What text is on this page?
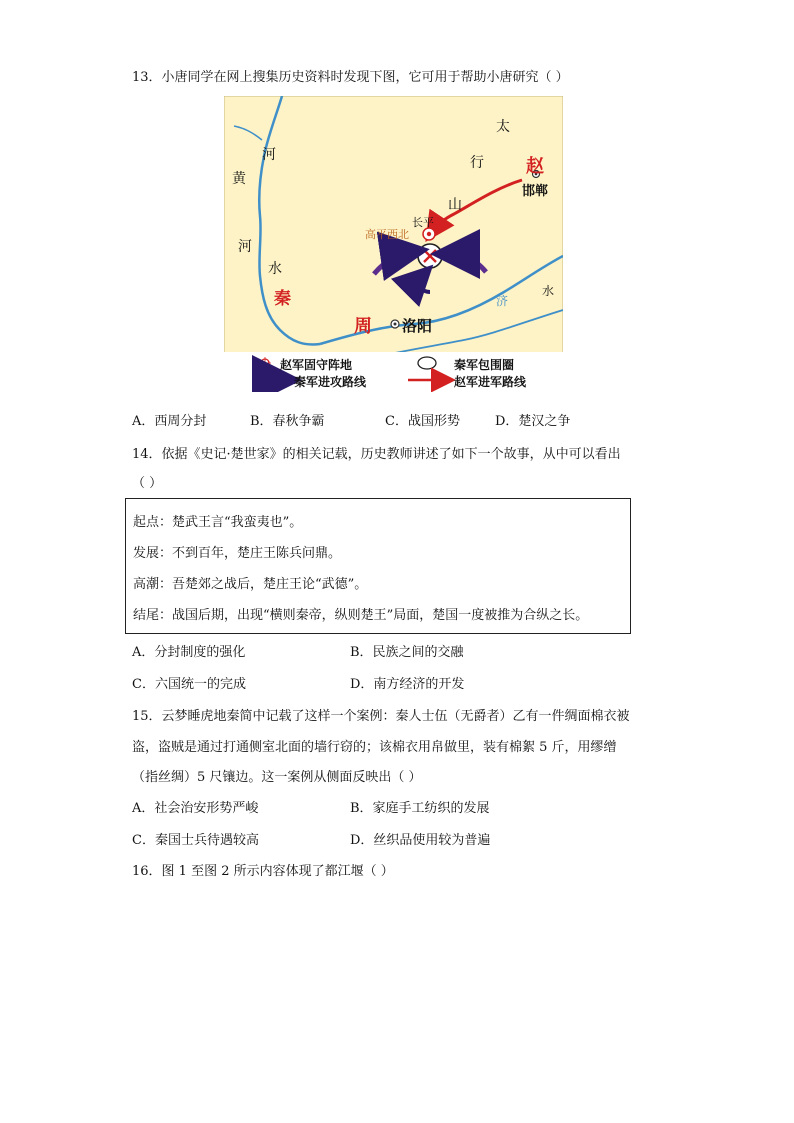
13．小唐同学在网上搜集历史资料时发现下图，它可用于帮助小唐研究（ ）
太
行
山
赵
邯郸
长平
高平西北
黄
河
河
水
秦
周 洛阳
济
水
赵军固守阵地	秦军包围圈
秦军进攻路线	赵军进军路线
A．西周分封	B．春秋争霸	C．战国形势	D．楚汉之争
14．依据《史记·楚世家》的相关记载，历史教师讲述了如下一个故事，从中可以看出
（ ）
起点：楚武王言“我蛮夷也”。
发展：不到百年，楚庄王陈兵问鼎。
高潮：吾楚郊之战后，楚庄王论“武德”。
结尾：战国后期，出现“横则秦帝，纵则楚王”局面，楚国一度被推为合纵之长。
A．分封制度的强化	B．民族之间的交融
C．六国统一的完成	D．南方经济的开发
15．云梦睡虎地秦简中记载了这样一个案例：秦人士伍（无爵者）乙有一件绸面棉衣被
盗，盗贼是通过打通侧室北面的墙行窃的；该棉衣用帛做里，装有棉絮 5 斤，用缪缯
（指丝绸）5 尺镶边。这一案例从侧面反映出（ ）
A．社会治安形势严峻	B．家庭手工纺织的发展
C．秦国士兵待遇较高	D．丝织品使用较为普遍
16．图 1 至图 2 所示内容体现了都江堰（ ）
